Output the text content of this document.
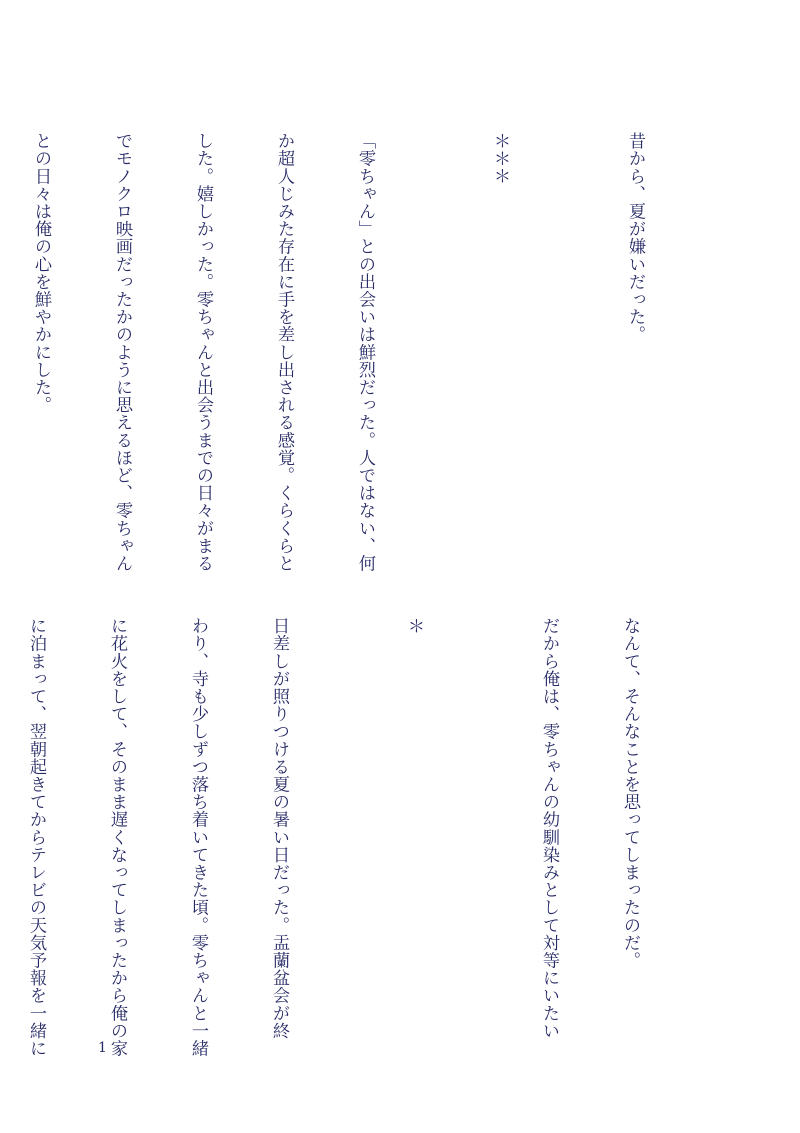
昔から、夏が嫌いだった。

＊＊＊

「零ちゃん」との出会いは鮮烈だった。人ではない、何

か超人じみた存在に手を差し出される感覚。くらくらと

した。嬉しかった。零ちゃんと出会うまでの日々がまる

でモノクロ映画だったかのように思えるほど、零ちゃん

との日々は俺の心を鮮やかにした。

なんて、そんなことを思ってしまったのだ。

だから俺は、零ちゃんの幼馴染みとして対等にいたい

＊

日差しが照りつける夏の暑い日だった。盂蘭盆会が終

わり、寺も少しずつ落ち着いてきた頃。零ちゃんと一緒

に花火をして、そのまま遅くなってしまったから俺の家

に泊まって、翌朝起きてからテレビの天気予報を一緒に

	1
